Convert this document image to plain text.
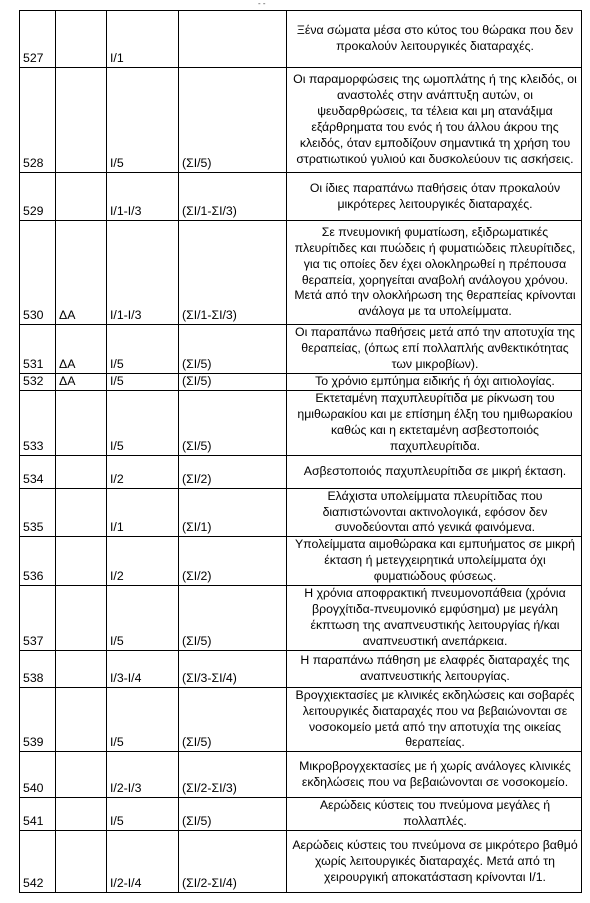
- -
527		I/1		Ξένα σώματα μέσα στο κύτος του θώρακα που δεν προκαλούν λειτουργικές διαταραχές.
528		I/5	(ΣΙ/5)	Οι παραμορφώσεις της ωμοπλάτης ή της κλειδός, οι αναστολές στην ανάπτυξη αυτών, οι ψευδαρθρώσεις, τα τέλεια και μη ατανάξιμα εξάρθρηματα του ενός ή του άλλου άκρου της κλειδός, όταν εμποδίζουν σημαντικά τη χρήση του στρατιωτικού γυλιού και δυσκολεύουν τις ασκήσεις.
529		I/1-I/3	(ΣΙ/1-ΣΙ/3)	Οι ίδιες παραπάνω παθήσεις όταν προκαλούν μικρότερες λειτουργικές διαταραχές.
530	ΔΑ	I/1-I/3	(ΣΙ/1-ΣΙ/3)	Σε πνευμονική φυματίωση, εξιδρωματικές πλευρίτιδες και πυώδεις ή φυματιώδεις πλευρίτιδες, για τις οποίες δεν έχει ολοκληρωθεί η πρέπουσα θεραπεία, χορηγείται αναβολή ανάλογου χρόνου. Μετά από την ολοκλήρωση της θεραπείας κρίνονται ανάλογα με τα υπολείμματα.
531	ΔΑ	I/5	(ΣΙ/5)	Οι παραπάνω παθήσεις μετά από την αποτυχία της θεραπείας, (όπως επί πολλαπλής ανθεκτικότητας των μικροβίων).
532	ΔΑ	I/5	(ΣΙ/5)	Το χρόνιο εμπύημα ειδικής ή όχι αιτιολογίας.
533		I/5	(ΣΙ/5)	Εκτεταμένη παχυπλευρίτιδα με ρίκνωση του ημιθωρακίου και με επίσημη έλξη του ημιθωρακίου καθώς και η εκτεταμένη ασβεστοποιός παχυπλευρίτιδα.
534		I/2	(ΣΙ/2)	Ασβεστοποιός παχυπλευρίτιδα σε μικρή έκταση.
535		I/1	(ΣΙ/1)	Ελάχιστα υπολείμματα πλευρίτιδας που διαπιστώνονται ακτινολογικά, εφόσον δεν συνοδεύονται από γενικά φαινόμενα.
536		I/2	(ΣΙ/2)	Υπολείμματα αιμοθώρακα και εμπυήματος σε μικρή έκταση ή μετεγχειρητικά υπολείμματα όχι φυματιώδους φύσεως.
537		I/5	(ΣΙ/5)	Η χρόνια αποφρακτική πνευμονοπάθεια (χρόνια βρογχίτιδα-πνευμονικό εμφύσημα) με μεγάλη έκπτωση της αναπνευστικής λειτουργίας ή/και αναπνευστική ανεπάρκεια.
538		I/3-I/4	(ΣΙ/3-ΣΙ/4)	Η παραπάνω πάθηση με ελαφρές διαταραχές της αναπνευστικής λειτουργίας.
539		I/5	(ΣΙ/5)	Βρογχιεκτασίες με κλινικές εκδηλώσεις και σοβαρές λειτουργικές διαταραχές που να βεβαιώνονται σε νοσοκομείο μετά από την αποτυχία της οικείας θεραπείας.
540		I/2-I/3	(ΣΙ/2-ΣΙ/3)	Μικροβρογχεκτασίες με ή χωρίς ανάλογες κλινικές εκδηλώσεις που να βεβαιώνονται σε νοσοκομείο.
541		I/5	(ΣΙ/5)	Αερώδεις κύστεις του πνεύμονα μεγάλες ή πολλαπλές.
542		I/2-I/4	(ΣΙ/2-ΣΙ/4)	Αερώδεις κύστεις του πνεύμονα σε μικρότερο βαθμό χωρίς λειτουργικές διαταραχές. Μετά από τη χειρουργική αποκατάσταση κρίνονται I/1.
